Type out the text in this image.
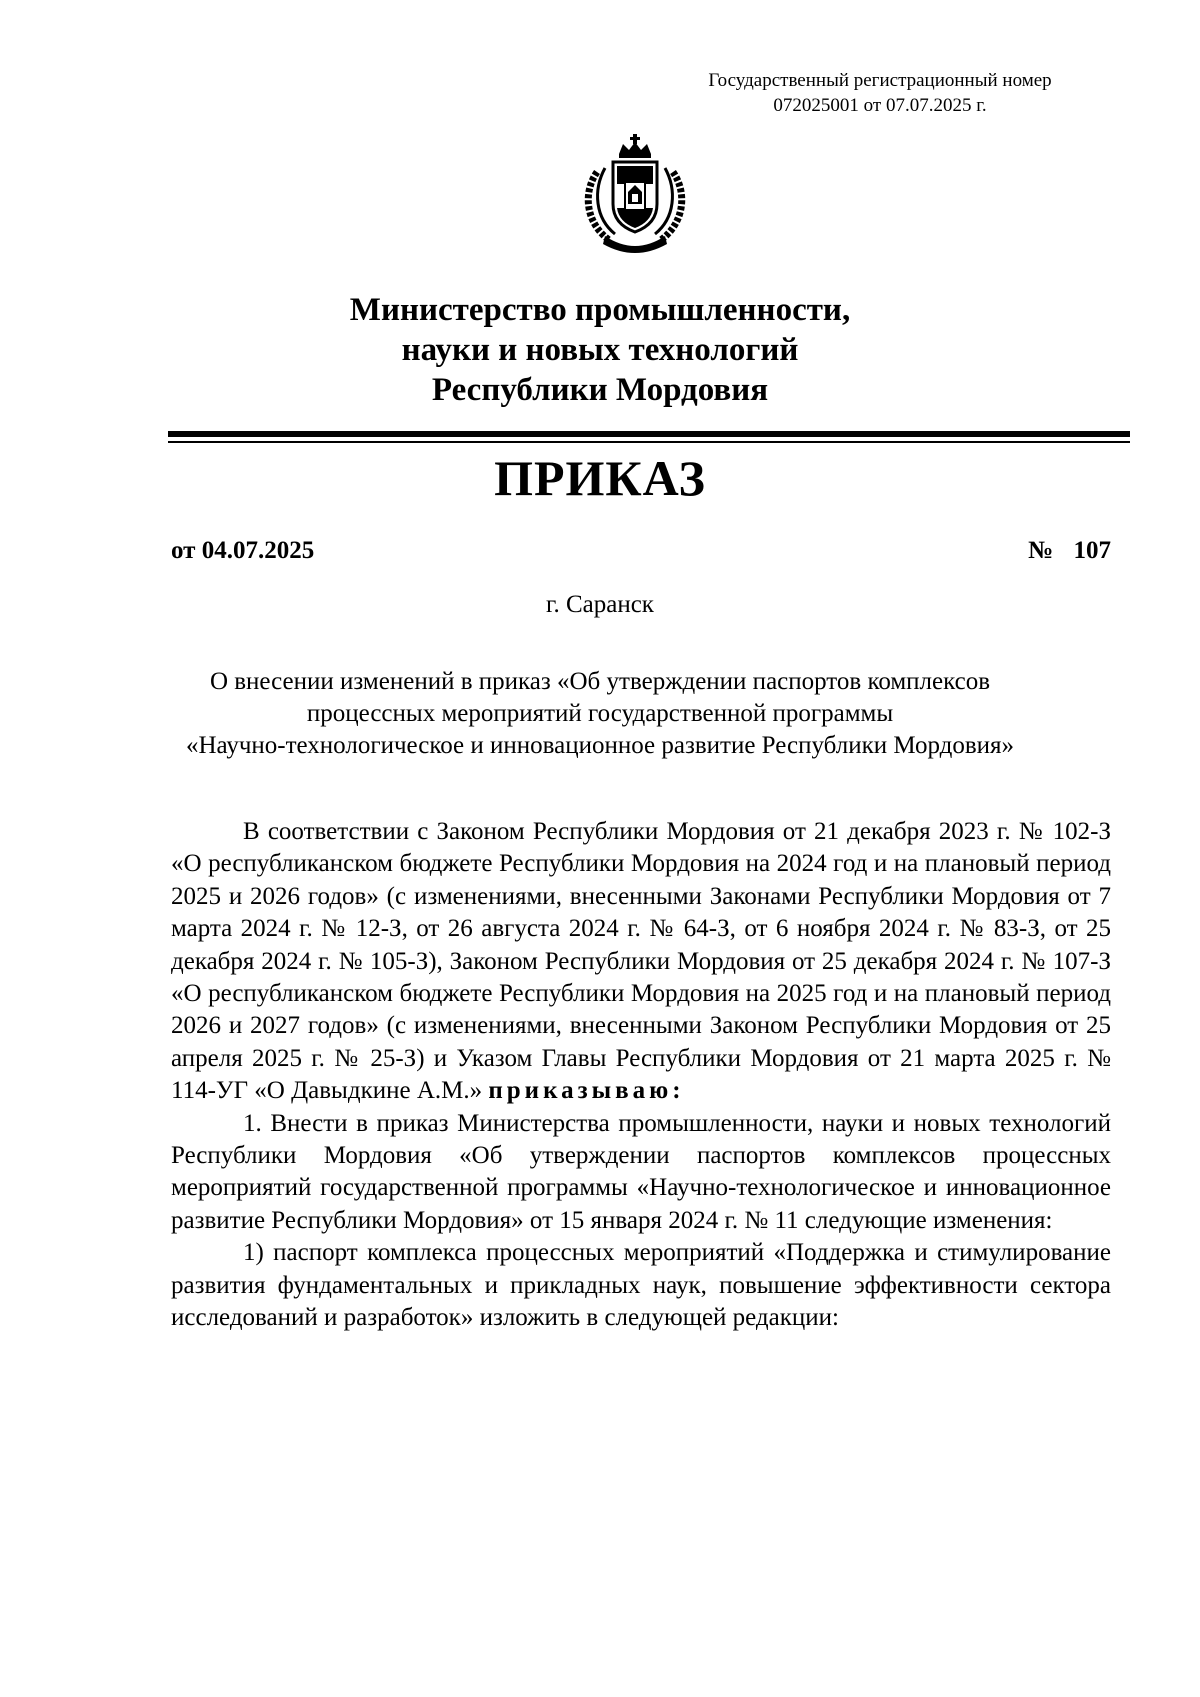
Государственный регистрационный номер
072025001 от 07.07.2025 г.
Министерство промышленности,
науки и новых технологий
Республики Мордовия
ПРИКАЗ
от 04.07.2025	№ 107
г. Саранск
О внесении изменений в приказ «Об утверждении паспортов комплексов
процессных мероприятий государственной программы
«Научно-технологическое и инновационное развитие Республики Мордовия»

В соответствии с Законом Республики Мордовия от 21 декабря 2023 г. № 102-З «О республиканском бюджете Республики Мордовия на 2024 год и на плановый период 2025 и 2026 годов» (с изменениями, внесенными Законами Республики Мордовия от 7 марта 2024 г. № 12-З, от 26 августа 2024 г. № 64-З, от 6 ноября 2024 г. № 83-З, от 25 декабря 2024 г. № 105-З), Законом Республики Мордовия от 25 декабря 2024 г. № 107-З «О республиканском бюджете Республики Мордовия на 2025 год и на плановый период 2026 и 2027 годов» (с изменениями, внесенными Законом Республики Мордовия от 25 апреля 2025 г. № 25-З) и Указом Главы Республики Мордовия от 21 марта 2025 г. № 114-УГ «О Давыдкине А.М.» приказываю:

1. Внести в приказ Министерства промышленности, науки и новых технологий Республики Мордовия «Об утверждении паспортов комплексов процессных мероприятий государственной программы «Научно-технологическое и инновационное развитие Республики Мордовия» от 15 января 2024 г. № 11 следующие изменения:

1) паспорт комплекса процессных мероприятий «Поддержка и стимулирование развития фундаментальных и прикладных наук, повышение эффективности сектора исследований и разработок» изложить в следующей редакции:
